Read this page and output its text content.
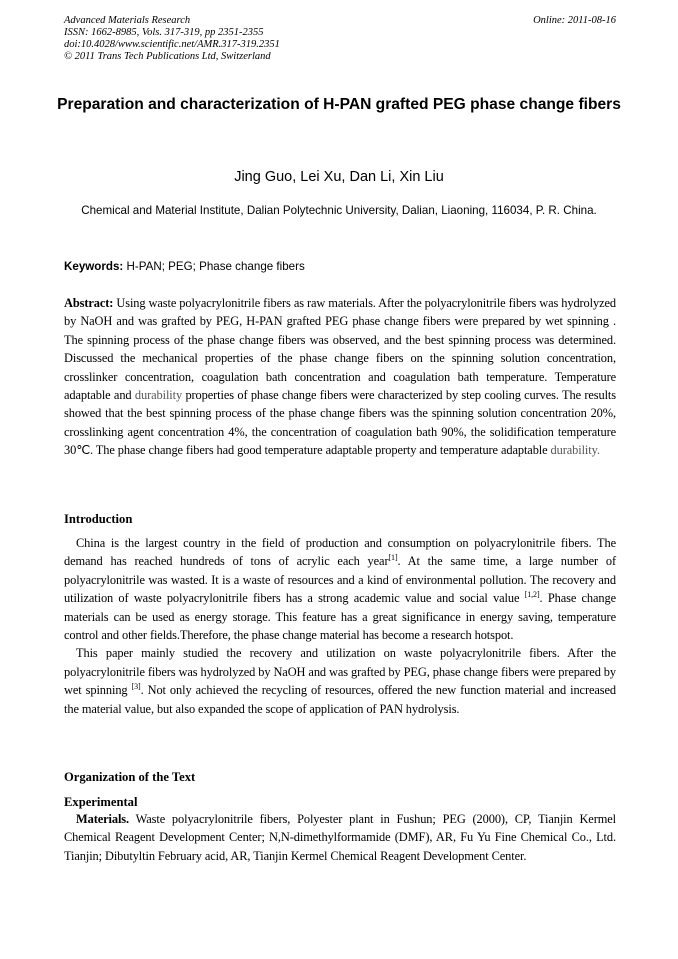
Advanced Materials Research
ISSN: 1662-8985, Vols. 317-319, pp 2351-2355
doi:10.4028/www.scientific.net/AMR.317-319.2351
© 2011 Trans Tech Publications Ltd, Switzerland
Online: 2011-08-16
Preparation and characterization of H-PAN grafted PEG phase change fibers
Jing Guo, Lei Xu, Dan Li, Xin Liu
Chemical and Material Institute, Dalian Polytechnic University, Dalian, Liaoning, 116034, P. R. China.
Keywords: H-PAN; PEG; Phase change fibers
Abstract: Using waste polyacrylonitrile fibers as raw materials. After the polyacrylonitrile fibers was hydrolyzed by NaOH and was grafted by PEG, H-PAN grafted PEG phase change fibers were prepared by wet spinning . The spinning process of the phase change fibers was observed, and the best spinning process was determined. Discussed the mechanical properties of the phase change fibers on the spinning solution concentration, crosslinker concentration, coagulation bath concentration and coagulation bath temperature. Temperature adaptable and durability properties of phase change fibers were characterized by step cooling curves. The results showed that the best spinning process of the phase change fibers was the spinning solution concentration 20%, crosslinking agent concentration 4%, the concentration of coagulation bath 90%, the solidification temperature 30℃. The phase change fibers had good temperature adaptable property and temperature adaptable durability.
Introduction

China is the largest country in the field of production and consumption on polyacrylonitrile fibers. The demand has reached hundreds of tons of acrylic each year[1]. At the same time, a large number of polyacrylonitrile was wasted. It is a waste of resources and a kind of environmental pollution. The recovery and utilization of waste polyacrylonitrile fibers has a strong academic value and social value [1,2]. Phase change materials can be used as energy storage. This feature has a great significance in energy saving, temperature control and other fields.Therefore, the phase change material has become a research hotspot.

This paper mainly studied the recovery and utilization on waste polyacrylonitrile fibers. After the polyacrylonitrile fibers was hydrolyzed by NaOH and was grafted by PEG, phase change fibers were prepared by wet spinning [3]. Not only achieved the recycling of resources, offered the new function material and increased the material value, but also expanded the scope of application of PAN hydrolysis.

Organization of the Text
Experimental

Materials. Waste polyacrylonitrile fibers, Polyester plant in Fushun; PEG (2000), CP, Tianjin Kermel Chemical Reagent Development Center; N,N-dimethylformamide (DMF), AR, Fu Yu Fine Chemical Co., Ltd. Tianjin; Dibutyltin February acid, AR, Tianjin Kermel Chemical Reagent Development Center.
